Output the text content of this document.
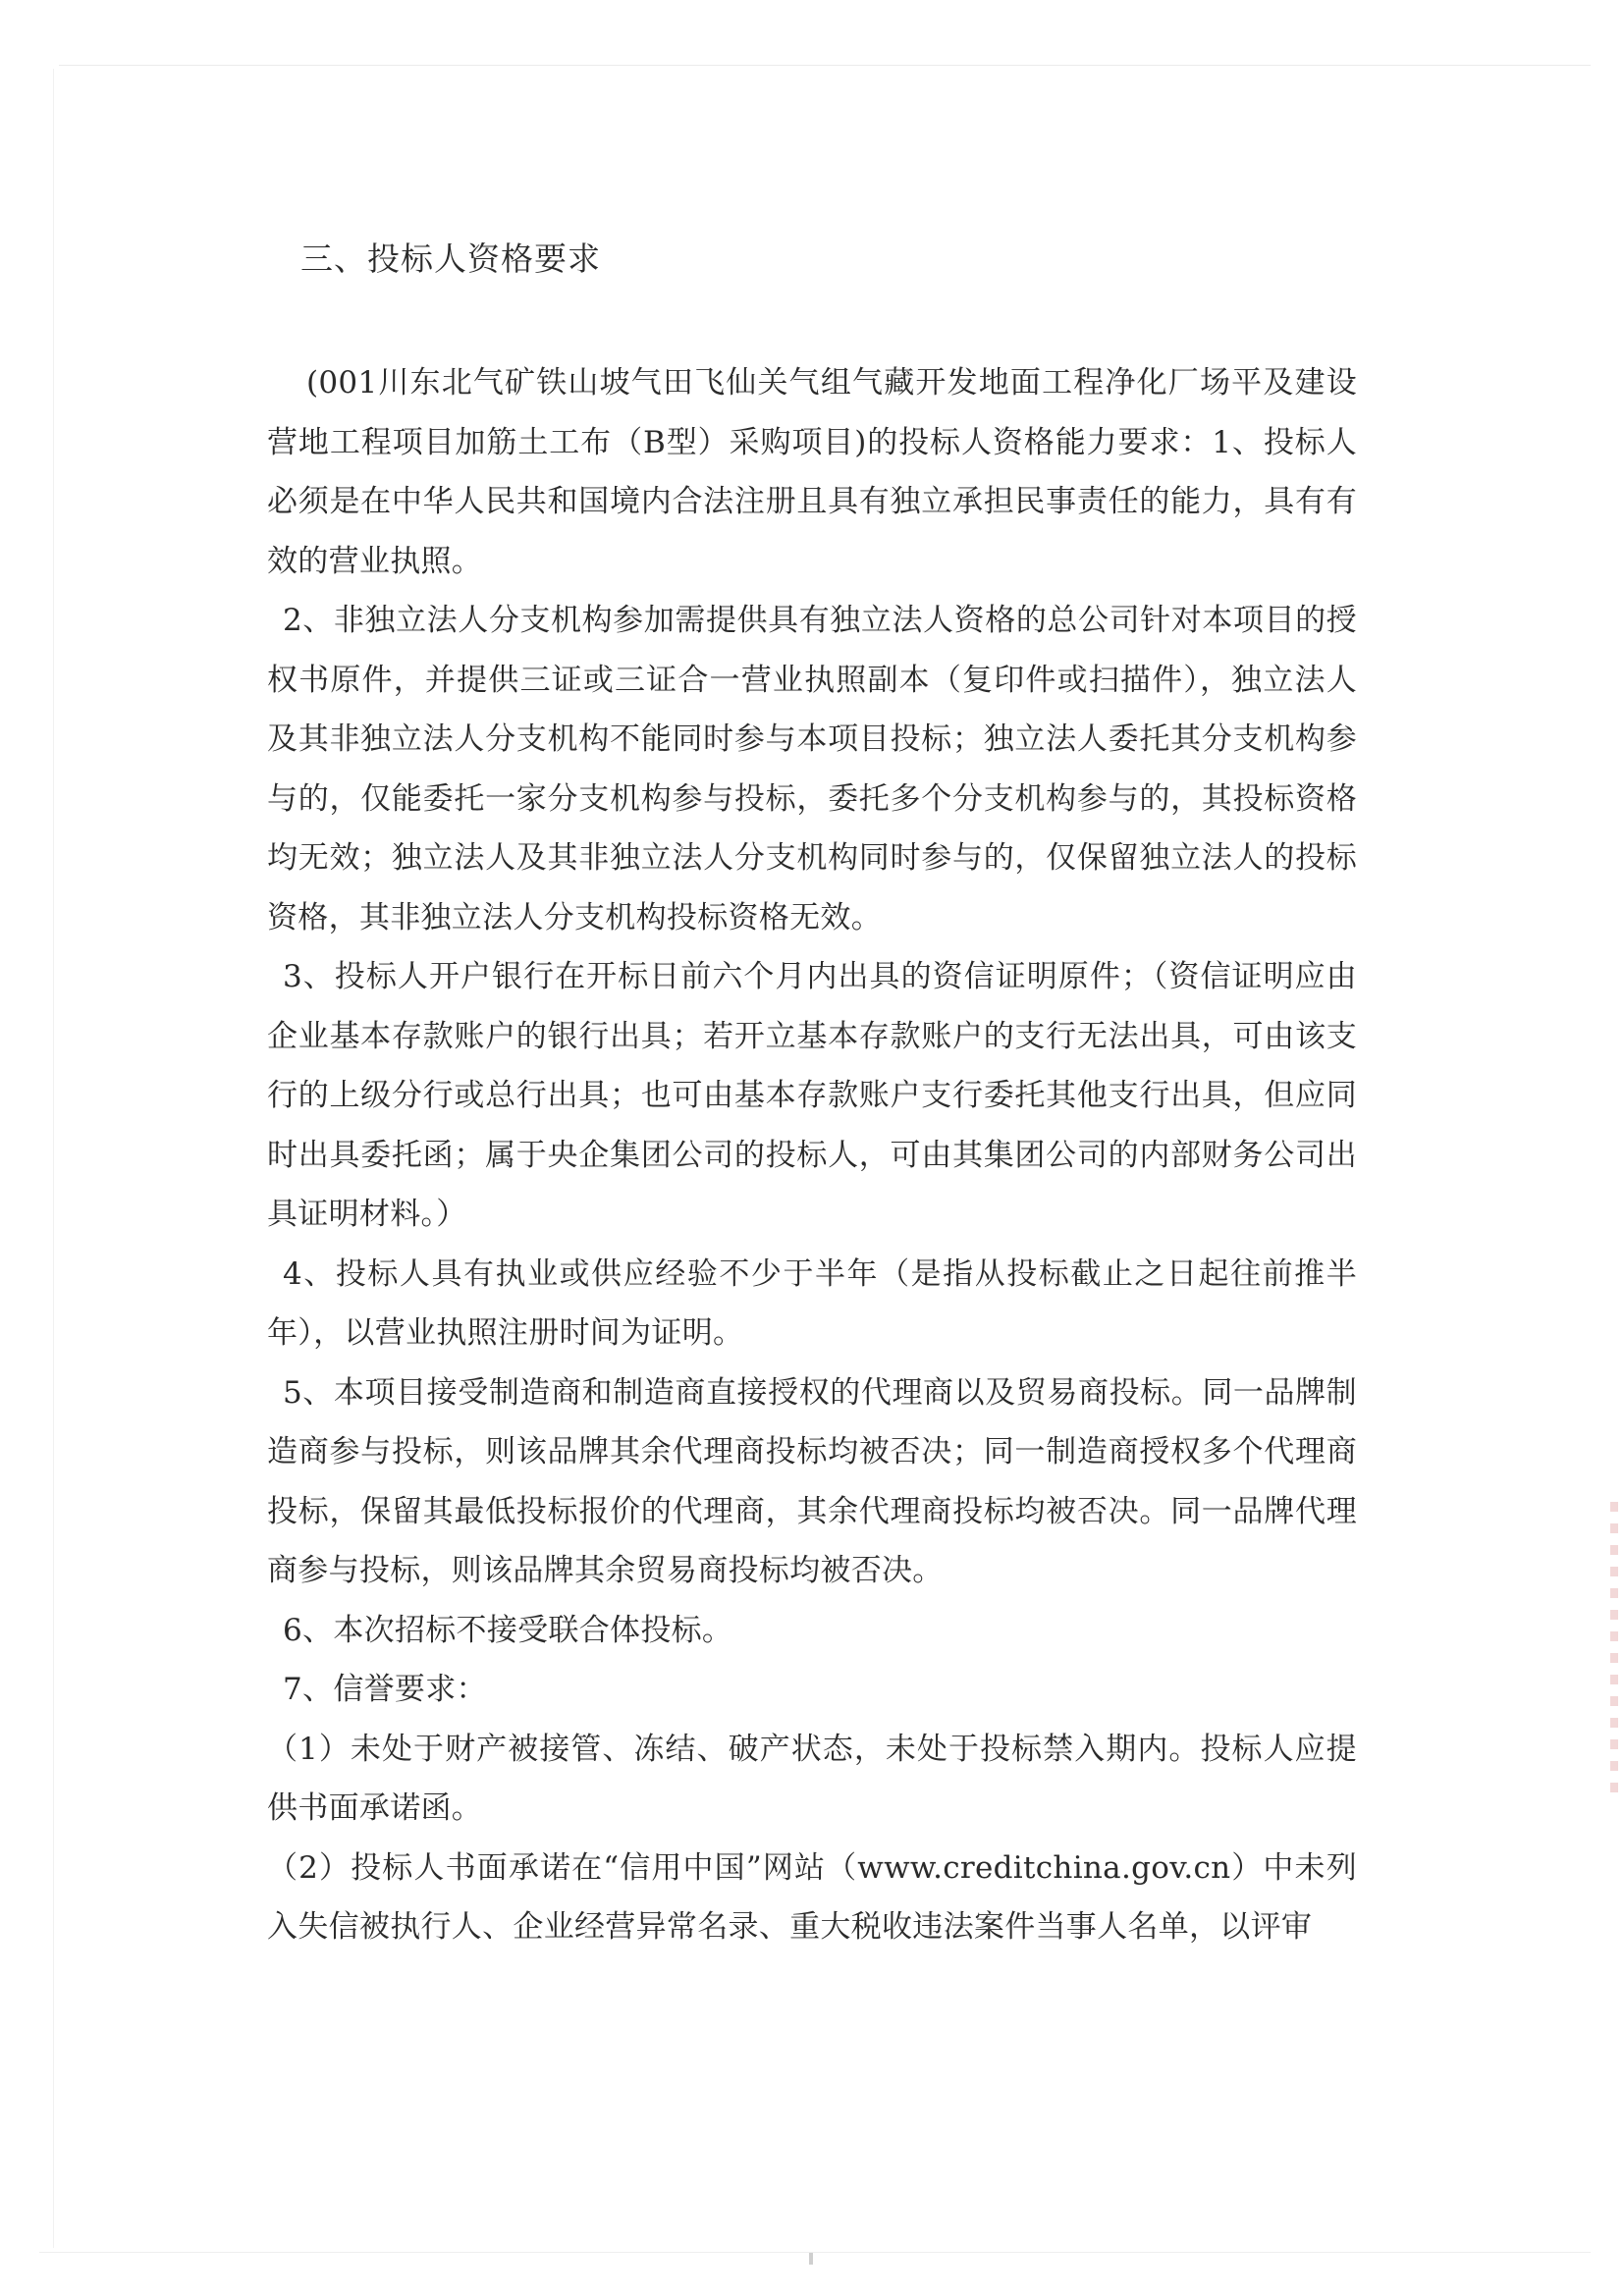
三、投标人资格要求

(001川东北气矿铁山坡气田飞仙关气组气藏开发地面工程净化厂场平及建设营地工程项目加筋土工布（B型）采购项目)的投标人资格能力要求：1、投标人必须是在中华人民共和国境内合法注册且具有独立承担民事责任的能力，具有有效的营业执照。

2、非独立法人分支机构参加需提供具有独立法人资格的总公司针对本项目的授权书原件，并提供三证或三证合一营业执照副本（复印件或扫描件），独立法人及其非独立法人分支机构不能同时参与本项目投标；独立法人委托其分支机构参与的，仅能委托一家分支机构参与投标，委托多个分支机构参与的，其投标资格均无效；独立法人及其非独立法人分支机构同时参与的，仅保留独立法人的投标资格，其非独立法人分支机构投标资格无效。

3、投标人开户银行在开标日前六个月内出具的资信证明原件；（资信证明应由企业基本存款账户的银行出具；若开立基本存款账户的支行无法出具，可由该支行的上级分行或总行出具；也可由基本存款账户支行委托其他支行出具，但应同时出具委托函；属于央企集团公司的投标人，可由其集团公司的内部财务公司出具证明材料。）

4、投标人具有执业或供应经验不少于半年（是指从投标截止之日起往前推半年），以营业执照注册时间为证明。

5、本项目接受制造商和制造商直接授权的代理商以及贸易商投标。同一品牌制造商参与投标，则该品牌其余代理商投标均被否决；同一制造商授权多个代理商投标，保留其最低投标报价的代理商，其余代理商投标均被否决。同一品牌代理商参与投标，则该品牌其余贸易商投标均被否决。

6、本次招标不接受联合体投标。

7、信誉要求：

（1）未处于财产被接管、冻结、破产状态，未处于投标禁入期内。投标人应提供书面承诺函。

（2）投标人书面承诺在“信用中国”网站（www.creditchina.gov.cn）中未列入失信被执行人、企业经营异常名录、重大税收违法案件当事人名单，以评审
